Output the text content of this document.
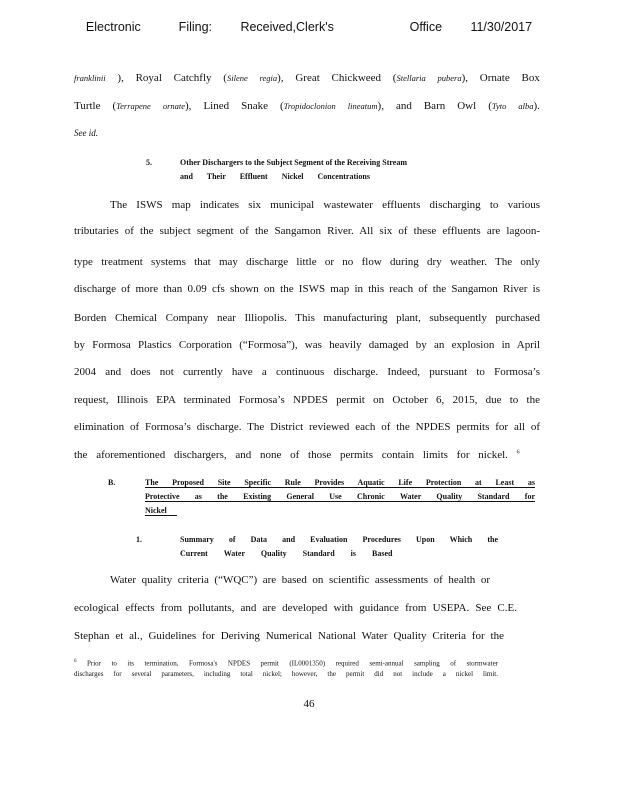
Electronic    Filing:   Received,Clerk's        Office   11/30/2017
franklinii ), Royal Catchfly (Silene regia), Great Chickweed (Stellaria pubera), Ornate Box
Turtle (Terrapene ornate), Lined Snake (Tropidoclonion lineatum), and Barn Owl (Tyto alba).
See id.
5.	Other Dischargers to the Subject Segment of the Receiving Stream
and Their Effluent Nickel Concentrations
The ISWS map indicates six municipal wastewater effluents discharging to various
tributaries of the subject segment of the Sangamon River. All six of these effluents are lagoon-
type treatment systems that may discharge little or no flow during dry weather. The only
discharge of more than 0.09 cfs shown on the ISWS map in this reach of the Sangamon River is
Borden Chemical Company near Illiopolis. This manufacturing plant, subsequently purchased
by Formosa Plastics Corporation (“Formosa”), was heavily damaged by an explosion in April
2004 and does not currently have a continuous discharge. Indeed, pursuant to Formosa’s
request, Illinois EPA terminated Formosa’s NPDES permit on October 6, 2015, due to the
elimination of Formosa’s discharge. The District reviewed each of the NPDES permits for all of
the aforementioned dischargers, and none of those permits contain limits for nickel. $^6$
B.	The Proposed Site Specific Rule Provides Aquatic Life Protection at Least as
Protective as the Existing General Use Chronic Water Quality Standard for
Nickel
1.	Summary of Data and Evaluation Procedures Upon Which the
Current Water Quality Standard is Based
Water quality criteria (“WQC”) are based on scientific assessments of health or
ecological effects from pollutants, and are developed with guidance from USEPA. See C.E.
Stephan et al., Guidelines for Deriving Numerical National Water Quality Criteria for the
$^6$ Prior to its termination, Formosa's NPDES permit (IL0001350) required semi-annual sampling of stormwater
discharges for several parameters, including total nickel; however, the permit did not include a nickel limit.
46
